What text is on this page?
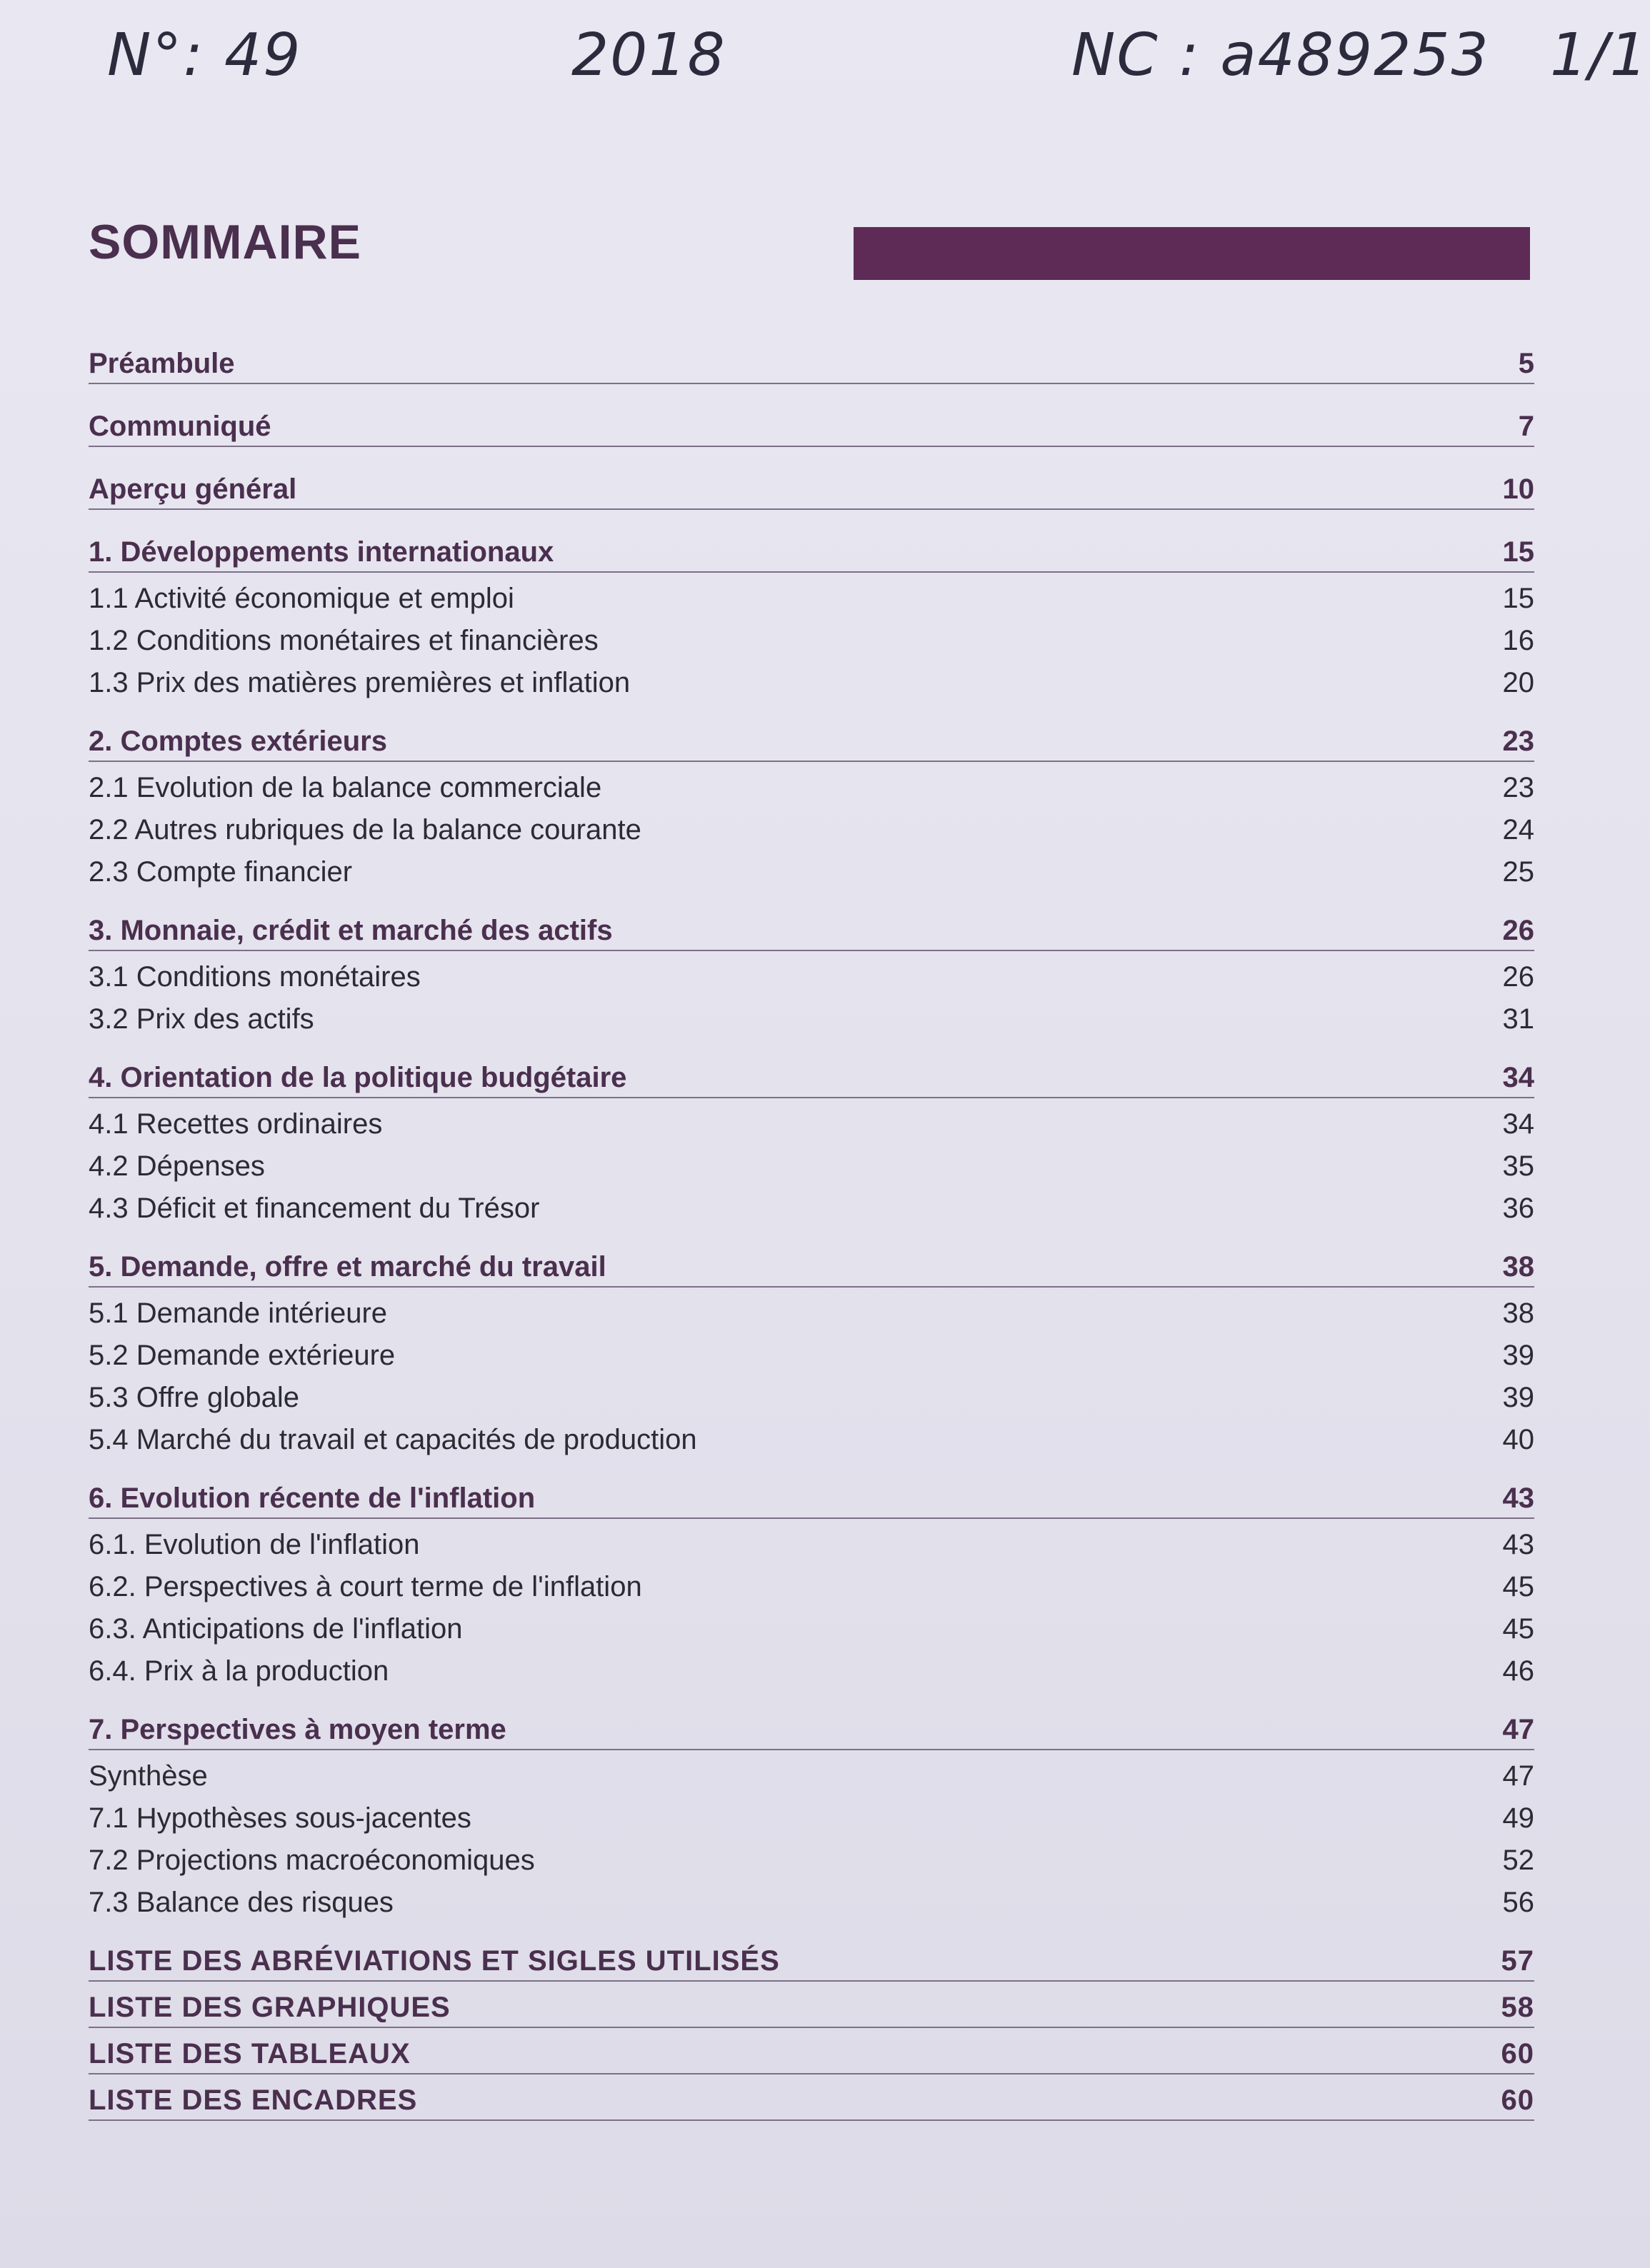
N°: 49	2018	NC : a489253 1/1
SOMMAIRE
Préambule	5
Communiqué	7
Aperçu général	10
1. Développements internationaux	15
1.1 Activité économique et emploi	15
1.2 Conditions monétaires et financières	16
1.3 Prix des matières premières et inflation	20
2. Comptes extérieurs	23
2.1 Evolution de la balance commerciale	23
2.2 Autres rubriques de la balance courante	24
2.3 Compte financier	25
3. Monnaie, crédit et marché des actifs	26
3.1 Conditions monétaires	26
3.2 Prix des actifs	31
4. Orientation de la politique budgétaire	34
4.1 Recettes ordinaires	34
4.2 Dépenses	35
4.3 Déficit et financement du Trésor	36
5. Demande, offre et marché du travail	38
5.1 Demande intérieure	38
5.2 Demande extérieure	39
5.3 Offre globale	39
5.4 Marché du travail et capacités de production	40
6. Evolution récente de l'inflation	43
6.1. Evolution de l'inflation	43
6.2. Perspectives à court terme de l'inflation	45
6.3. Anticipations de l'inflation	45
6.4. Prix à la production	46
7. Perspectives à moyen terme	47
Synthèse	47
7.1 Hypothèses sous-jacentes	49
7.2 Projections macroéconomiques	52
7.3 Balance des risques	56
LISTE DES ABRÉVIATIONS ET SIGLES UTILISÉS	57
LISTE DES GRAPHIQUES	58
LISTE DES TABLEAUX	60
LISTE DES ENCADRES	60
